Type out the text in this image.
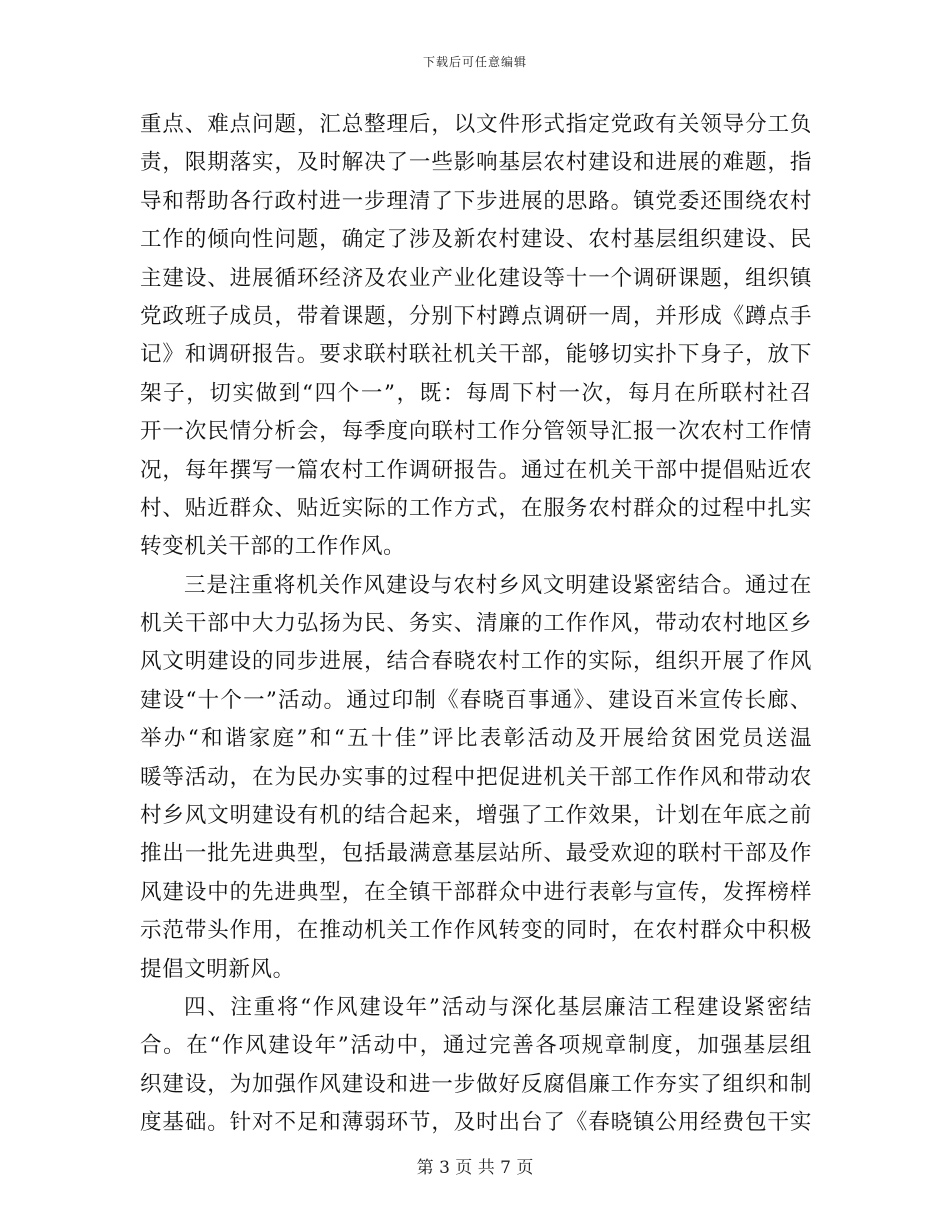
下载后可任意编辑
重点、难点问题，汇总整理后，以文件形式指定党政有关领导分工负
责，限期落实，及时解决了一些影响基层农村建设和进展的难题，指
导和帮助各行政村进一步理清了下步进展的思路。镇党委还围绕农村
工作的倾向性问题，确定了涉及新农村建设、农村基层组织建设、民
主建设、进展循环经济及农业产业化建设等十一个调研课题，组织镇
党政班子成员，带着课题，分别下村蹲点调研一周，并形成《蹲点手
记》和调研报告。要求联村联社机关干部，能够切实扑下身子，放下
架子，切实做到“四个一”，既：每周下村一次，每月在所联村社召
开一次民情分析会，每季度向联村工作分管领导汇报一次农村工作情
况，每年撰写一篇农村工作调研报告。通过在机关干部中提倡贴近农
村、贴近群众、贴近实际的工作方式，在服务农村群众的过程中扎实
转变机关干部的工作作风。
三是注重将机关作风建设与农村乡风文明建设紧密结合。通过在
机关干部中大力弘扬为民、务实、清廉的工作作风，带动农村地区乡
风文明建设的同步进展，结合春晓农村工作的实际，组织开展了作风
建设“十个一”活动。通过印制《春晓百事通》、建设百米宣传长廊、
举办“和谐家庭”和“五十佳”评比表彰活动及开展给贫困党员送温
暖等活动，在为民办实事的过程中把促进机关干部工作作风和带动农
村乡风文明建设有机的结合起来，增强了工作效果，计划在年底之前
推出一批先进典型，包括最满意基层站所、最受欢迎的联村干部及作
风建设中的先进典型，在全镇干部群众中进行表彰与宣传，发挥榜样
示范带头作用，在推动机关工作作风转变的同时，在农村群众中积极
提倡文明新风。
四、注重将“作风建设年”活动与深化基层廉洁工程建设紧密结
合。在“作风建设年”活动中，通过完善各项规章制度，加强基层组
织建设，为加强作风建设和进一步做好反腐倡廉工作夯实了组织和制
度基础。针对不足和薄弱环节，及时出台了《春晓镇公用经费包干实
第 3 页 共 7 页
